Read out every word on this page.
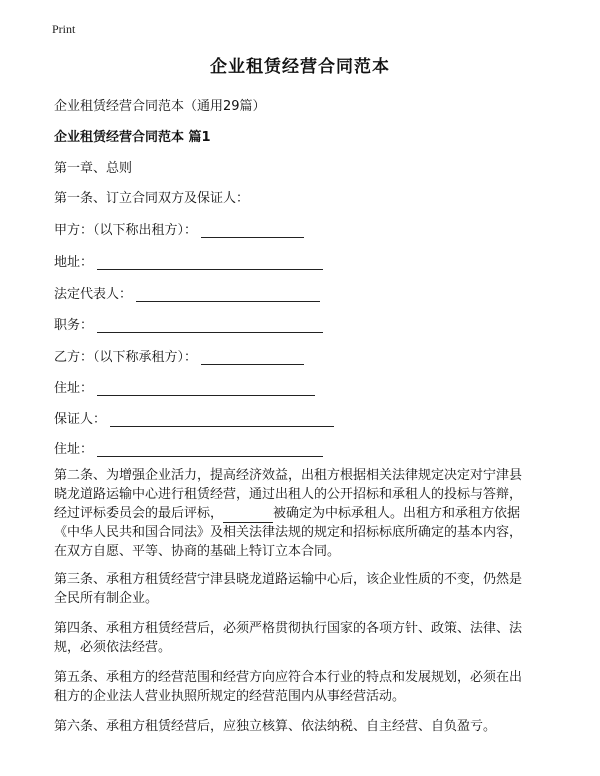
Print
企业租赁经营合同范本
企业租赁经营合同范本（通用29篇）
企业租赁经营合同范本 篇1
第一章、总则
第一条、订立合同双方及保证人：
甲方：（以下称出租方）：
地址：
法定代表人：
职务：
乙方：（以下称承租方）：
住址：
保证人：
住址：
第二条、为增强企业活力，提高经济效益，出租方根据相关法律规定决定对宁津县
晓龙道路运输中心进行租赁经营，通过出租人的公开招标和承租人的投标与答辩，
经过评标委员会的最后评标，	被确定为中标承租人。出租方和承租方依据
《中华人民共和国合同法》及相关法律法规的规定和招标标底所确定的基本内容，
在双方自愿、平等、协商的基础上特订立本合同。
第三条、承租方租赁经营宁津县晓龙道路运输中心后，该企业性质的不变，仍然是
全民所有制企业。
第四条、承租方租赁经营后，必须严格贯彻执行国家的各项方针、政策、法律、法
规，必须依法经营。
第五条、承租方的经营范围和经营方向应符合本行业的特点和发展规划，必须在出
租方的企业法人营业执照所规定的经营范围内从事经营活动。
第六条、承租方租赁经营后，应独立核算、依法纳税、自主经营、自负盈亏。
